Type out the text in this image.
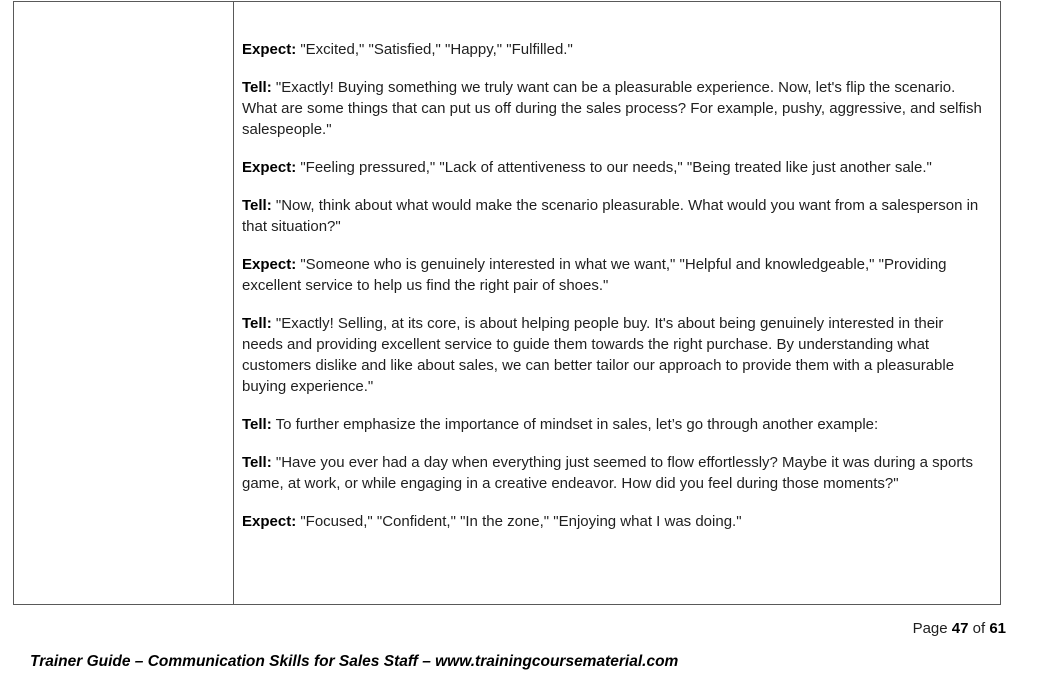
Expect: "Excited," "Satisfied," "Happy," "Fulfilled."

Tell: "Exactly! Buying something we truly want can be a pleasurable experience. Now, let's flip the scenario. What are some things that can put us off during the sales process? For example, pushy, aggressive, and selfish salespeople."

Expect: "Feeling pressured," "Lack of attentiveness to our needs," "Being treated like just another sale."

Tell: "Now, think about what would make the scenario pleasurable. What would you want from a salesperson in that situation?"

Expect: "Someone who is genuinely interested in what we want," "Helpful and knowledgeable," "Providing excellent service to help us find the right pair of shoes."

Tell: "Exactly! Selling, at its core, is about helping people buy. It's about being genuinely interested in their needs and providing excellent service to guide them towards the right purchase. By understanding what customers dislike and like about sales, we can better tailor our approach to provide them with a pleasurable buying experience."

Tell: To further emphasize the importance of mindset in sales, let’s go through another example:

Tell: "Have you ever had a day when everything just seemed to flow effortlessly? Maybe it was during a sports game, at work, or while engaging in a creative endeavor. How did you feel during those moments?"

Expect: "Focused," "Confident," "In the zone," "Enjoying what I was doing."

Page 47 of 61
Trainer Guide – Communication Skills for Sales Staff – www.trainingcoursematerial.com
